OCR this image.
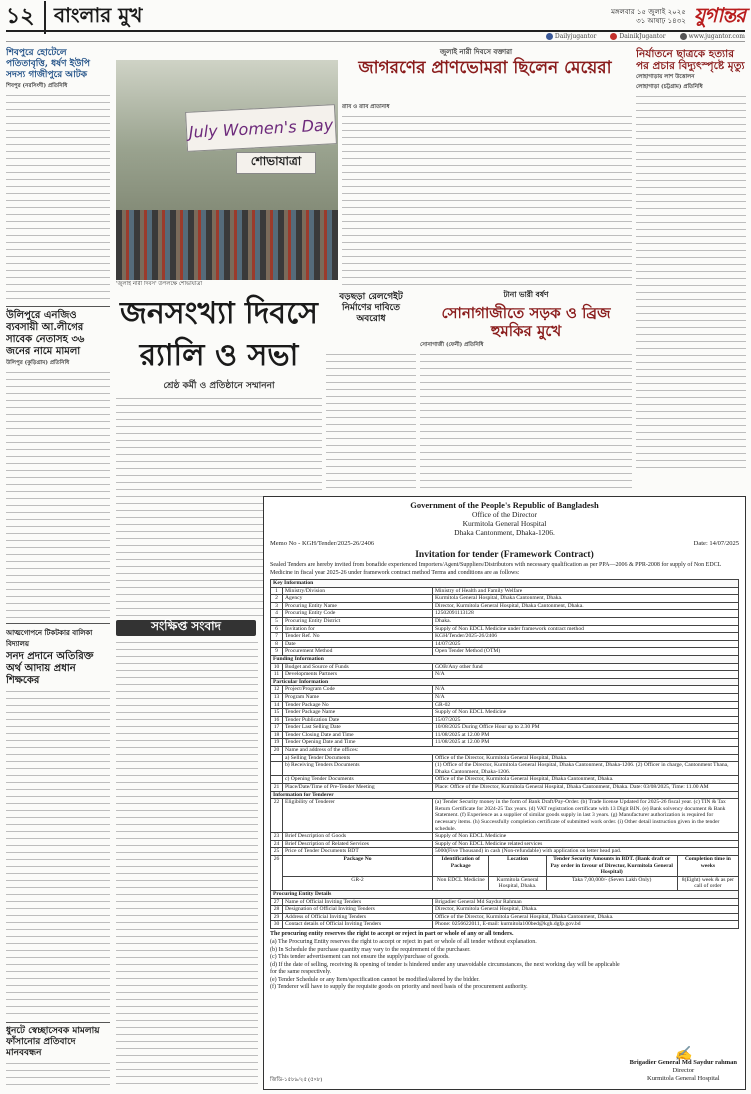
১২ বাংলার মুখ	মঙ্গলবার ১৫ জুলাই ২০২৫
৩১ আষাঢ় ১৪৩২ যুগান্তর
Dailyjugantor	DainikJugantor	www.jugantor.com
শিবপুরে হোটেলে পতিতাবৃত্তি, ধর্ষণ ইউপি সদস্য গাজীপুরে আটক
শিবপুর (নরসিংদী) প্রতিনিধি
উলিপুরে এনজিও ব্যবসায়ী আ.লীগের সাবেক নেতাসহ ৩৬ জনের নামে মামলা
উলিপুর (কুড়িগ্রাম) প্রতিনিধি
আত্মগোপনে টিকটকার বালিকা বিদ্যালয়
সনদ প্রদানে অতিরিক্ত অর্থ আদায় প্রধান শিক্ষকের
ধুনটে স্বেচ্ছাসেবক মামলায় ফাঁসানোর প্রতিবাদে মানববন্ধন
জুলাই নারী দিবসে বক্তারা
জাগরণের প্রাণভোমরা ছিলেন মেয়েরা
July Women's Day
শোভাযাত্রা
'জুলাই নারী দিবস' উপলক্ষে শোভাযাত্রা
রাবি ও রাবি প্রতিনিধি
জনসংখ্যা দিবসে
র‍্যালি ও সভা
শ্রেষ্ঠ কর্মী ও প্রতিষ্ঠানে সম্মাননা
সংক্ষিপ্ত সংবাদ
বড়ছড়া রেলগেইট নির্মাণের দাবিতে অবরোধ
টানা ভারী বর্ষণ
সোনাগাজীতে সড়ক ও ব্রিজ হুমকির মুখে
সোনাগাজী (ফেনী) প্রতিনিধি
নির্যাতনে ছাত্রকে হত্যার পর প্রচার বিদ্যুৎস্পৃষ্টে মৃত্যু
লোহাগাড়ায় লাশ উত্তোলন
লোহাগাড়া (চট্টগ্রাম) প্রতিনিধি
Government of the People's Republic of Bangladesh
Office of the Director
Kurmitola General Hospital
Dhaka Cantonment, Dhaka-1206.
Memo No - KGH/Tender/2025-26/2406	Date: 14/07/2025
Invitation for tender (Framework Contract)
Sealed Tenders are hereby invited from bonafide experienced Importers/Agent/Suppliers/Distributors with necessary qualification as per PPA—2006 & PPR-2008 for supply of Non EDCL Medicine in fiscal year 2025-26 under framework contract method Terms and conditions are as follows:
Key Information					
1	Ministry/Division	Ministry of Health and Family Welfare			
2	Agency	Kurmitola General Hospital, Dhaka Cantonment, Dhaka.			
3	Procuring Entity Name	Director, Kurmitola General Hospital, Dhaka Cantonment, Dhaka.			
4	Procuring Entity Code	12502091113128			
5	Procuring Entity District	Dhaka.			
6	Invitation for	Supply of Non EDCL Medicine under framework contract method			
7	Tender Ref. No	KGH/Tender/2025-26/2406			
8	Date	14/07/2025			
9	Procurement Method	Open Tender Method (OTM)			
Funding Information					
10	Budget and Source of Funds	GOB/Any other fund			
11	Developments Partners	N/A			
Particular Information					
12	Project/Program Code	N/A			
13	Program Name	N/A			
14	Tender Package No	GR-02			
15	Tender Package Name	Supply of Non EDCL Medicine			
16	Tender Publication Date	15/07/2025			
17	Tender Last Selling Date	10/08/2025 During Office Hour up to 2.30 PM			
18	Tender Closing Date and Time	11/08/2025 at 12.00 PM			
19	Tender Opening Date and Time	11/08/2025 at 12.00 PM			
20	Name and address of the offices:				
	a) Selling Tender Documents	Office of the Director, Kurmitola General Hospital, Dhaka.			
	b) Receiving Tenders Documents	(1) Office of the Director, Kurmitola General Hospital, Dhaka Cantonment, Dhaka-1206. (2) Officer in charge, Cantonment Thana, Dhaka Cantonment, Dhaka-1206.			
	c) Opening Tender Documents	Office of the Director, Kurmitola General Hospital, Dhaka Cantonment, Dhaka.			
21	Place/Date/Time of Pre-Tender Meeting	Place: Office of the Director, Kurmitola General Hospital, Dhaka Cantonment, Dhaka. Date: 03/08/2025, Time: 11.00 AM			
Information for Tenderer					
22	Eligibility of Tenderer	(a) Tender Security money in the form of Bank Draft/Pay-Order. (b) Trade license Updated for 2025-26 fiscal year. (c) TIN & Tax Return Certificate for 2024-25 Tax years. (d) VAT registration certificate with 13 Digit BIN. (e) Bank solvency document & Bank Statement. (f) Experience as a supplier of similar goods supply in last 3 years. (g) Manufacturer authorization is required for necessary items. (h) Successfully completion certificate of submitted work order. (i) Other detail instruction given in the tender schedule.			
23	Brief Description of Goods	Supply of Non EDCL Medicine			
24	Brief Description of Related Services	Supply of Non EDCL Medicine related services			
25	Price of Tender Documents BDT	5000(Five Thousand) in cash (Non-refundable) with application on letter head pad.			
26	Package No	Identification of Package	Location	Tender Security Amounts in BDT. (Bank draft or Pay order in favour of Director, Kurmitola General Hospital)	Completion time in weeks
	GR-2	Non EDCL Medicine	Kurmitola General Hospital, Dhaka.	Taka 7,00,000/- (Seven Lakh Only)	8(Eight) week & as per call of order
Procuring Entity Details					
27	Name of Official Inviting Tenders	Brigadier General Md Saydur Rahman			
28	Designation of Official Inviting Tenders	Director, Kurmitola General Hospital, Dhaka.			
29	Address of Official Inviting Tenders	Office of the Director, Kurmitola General Hospital, Dhaka Cantonment, Dhaka.			
30	Contact details of Official Inviting Tenders	Phone: 0256622011, E-mail: kurmitola100bed@kgh.dgfp.gov.bd			
The procuring entity reserves the right to accept or reject in part or whole of any or all tenders.
(a) The Procuring Entity reserves the right to accept or reject in part or whole of all tender without explanation.
(b) In Schedule the purchase quantity may vary to the requirement of the purchaser.
(c) This tender advertisement can not ensure the supply/purchase of goods.
(d) If the date of selling, receiving & opening of tender is hindered under any unavoidable circumstances, the next working day will be applicable for the same respectively.
(e) Tender Schedule or any Item/specification cannot be modified/altered by the bidder.
(f) Tenderer will have to supply the requisite goods on priority and need basis of the procurement authority.
✍
Brigadier General Md Saydur rahman
Director
Kurmitola General Hospital
জিডি-১৫৮৯/২৫ (৫×৮)
